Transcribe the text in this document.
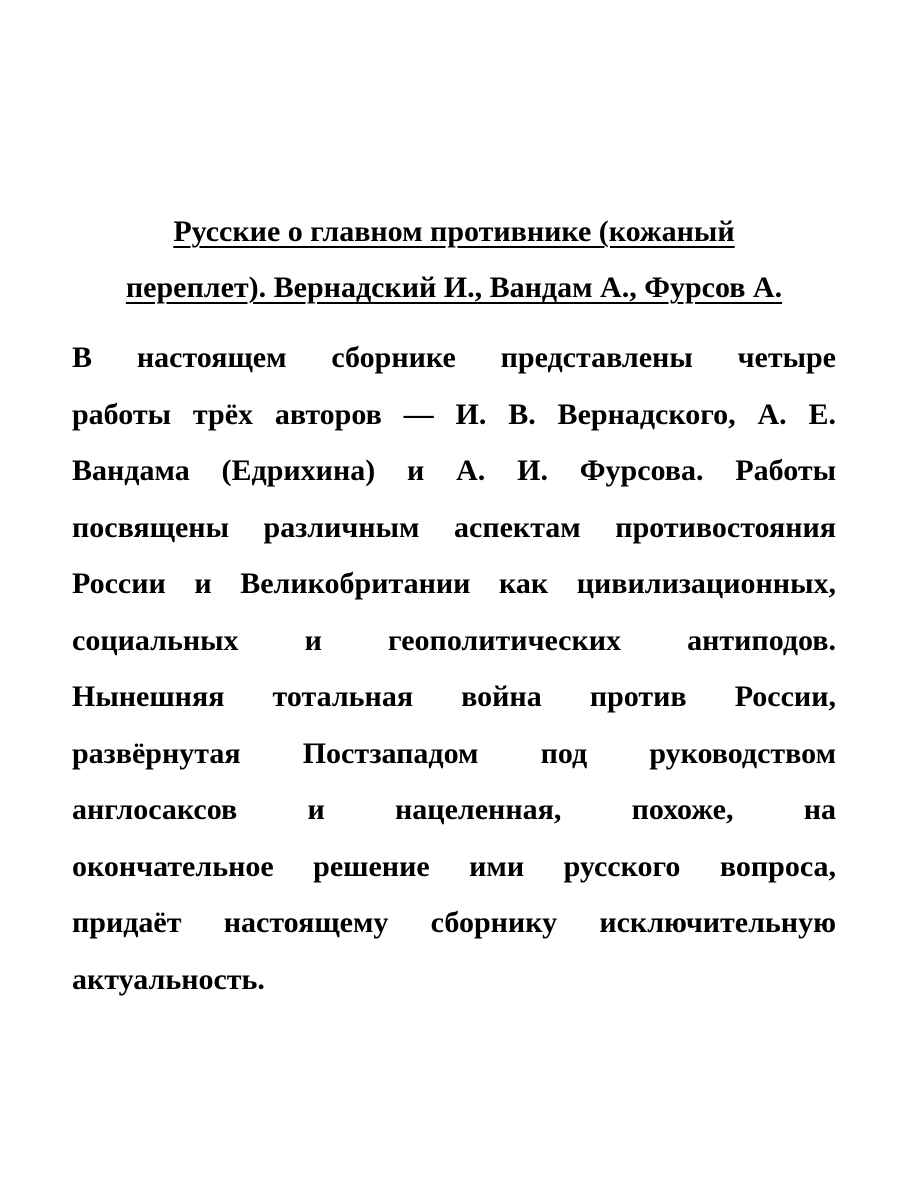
Русские о главном противнике (кожаный
переплет). Вернадский И., Вандам А., Фурсов А.

В настоящем сборнике представлены четыре
работы трёх авторов — И. В. Вернадского, А. Е.
Вандама (Едрихина) и А. И. Фурсова. Работы
посвящены различным аспектам противостояния
России и Великобритании как цивилизационных,
социальных и геополитических антиподов.
Нынешняя тотальная война против России,
развёрнутая Постзападом под руководством
англосаксов и нацеленная, похоже, на
окончательное решение ими русского вопроса,
придаёт настоящему сборнику исключительную
актуальность.
